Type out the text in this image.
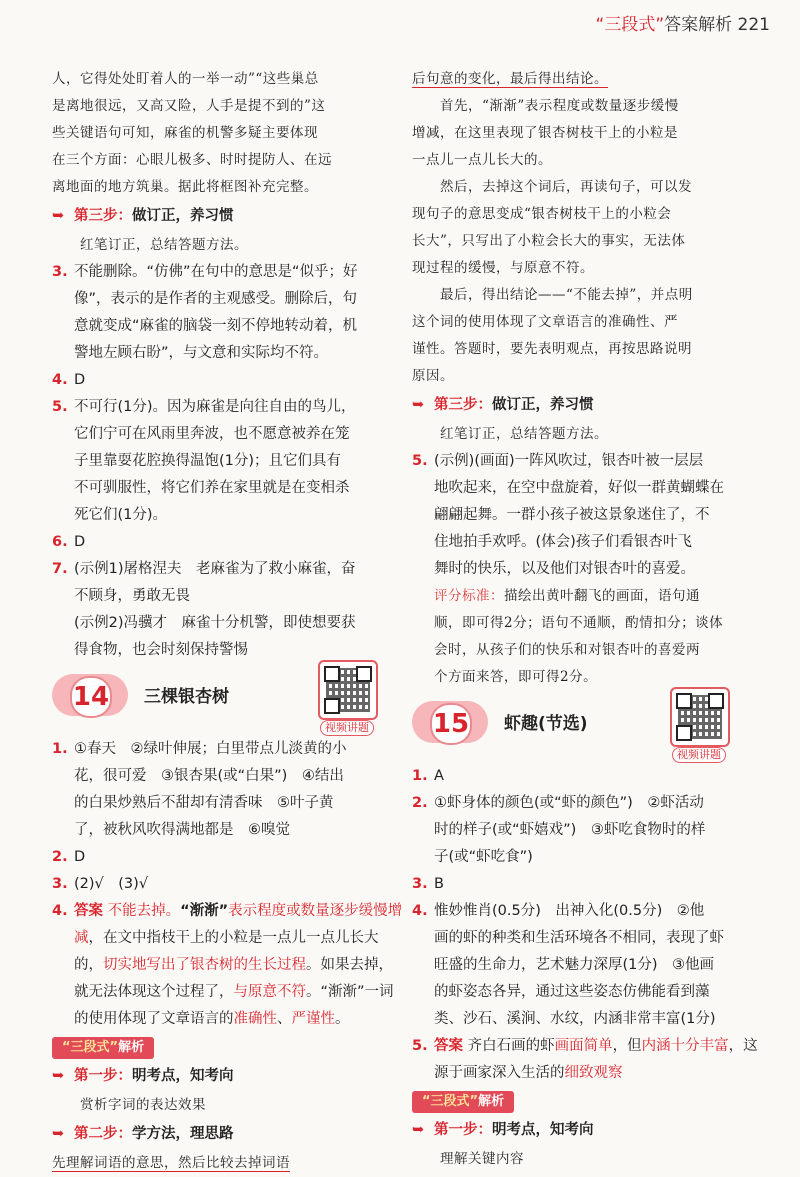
“三段式”答案解析 221
人，它得处处盯着人的一举一动”“这些巢总
是离地很远，又高又险，人手是提不到的”这
些关键语句可知，麻雀的机警多疑主要体现
在三个方面：心眼儿极多、时时提防人、在远
离地面的地方筑巢。据此将框图补充完整。
➥ 第三步：做订正，养习惯
红笔订正，总结答题方法。
3. 不能删除。“仿佛”在句中的意思是“似乎；好
像”，表示的是作者的主观感受。删除后，句
意就变成“麻雀的脑袋一刻不停地转动着，机
警地左顾右盼”，与文意和实际均不符。
4. D
5. 不可行(1分)。因为麻雀是向往自由的鸟儿，
它们宁可在风雨里奔波，也不愿意被养在笼
子里靠耍花腔换得温饱(1分)；且它们具有
不可驯服性，将它们养在家里就是在变相杀
死它们(1分)。
6. D
7. (示例1)屠格涅夫　老麻雀为了救小麻雀，奋
不顾身，勇敢无畏
(示例2)冯骥才　麻雀十分机警，即使想要获
得食物，也会时刻保持警惕
14 三棵银杏树
视频讲题
1. ①春天　②绿叶伸展；白里带点儿淡黄的小
花，很可爱　③银杏果(或“白果”)　④结出
的白果炒熟后不甜却有清香味　⑤叶子黄
了，被秋风吹得满地都是　⑥嗅觉
2. D
3. (2)√　(3)√
4. 答案 不能去掉。“渐渐”表示程度或数量逐步缓慢增减，在文中指枝干上的小粒是一点儿一点儿长大的，切实地写出了银杏树的生长过程。如果去掉，就无法体现这个过程了，与原意不符。“渐渐”一词的使用体现了文章语言的准确性、严谨性。
“三段式”解析
➥ 第一步：明考点，知考向
赏析字词的表达效果
➥ 第二步：学方法，理思路
先理解词语的意思，然后比较去掉词语
后句意的变化，最后得出结论。
首先，“渐渐”表示程度或数量逐步缓慢
增减，在这里表现了银杏树枝干上的小粒是
一点儿一点儿长大的。
然后，去掉这个词后，再读句子，可以发
现句子的意思变成“银杏树枝干上的小粒会
长大”，只写出了小粒会长大的事实，无法体
现过程的缓慢，与原意不符。
最后，得出结论——“不能去掉”，并点明
这个词的使用体现了文章语言的准确性、严
谨性。答题时，要先表明观点，再按思路说明
原因。
➥ 第三步：做订正，养习惯
红笔订正，总结答题方法。
5. (示例)(画面)一阵风吹过，银杏叶被一层层
地吹起来，在空中盘旋着，好似一群黄蝴蝶在
翩翩起舞。一群小孩子被这景象迷住了，不
住地拍手欢呼。(体会)孩子们看银杏叶飞
舞时的快乐，以及他们对银杏叶的喜爱。
评分标准：描绘出黄叶翻飞的画面，语句通
顺，即可得2分；语句不通顺，酌情扣分；谈体
会时，从孩子们的快乐和对银杏叶的喜爱两
个方面来答，即可得2分。
15 虾趣(节选)
视频讲题
1. A
2. ①虾身体的颜色(或“虾的颜色”)　②虾活动
时的样子(或“虾嬉戏”)　③虾吃食物时的样
子(或“虾吃食”)
3. B
4. 惟妙惟肖(0.5分)　出神入化(0.5分)　②他
画的虾的种类和生活环境各不相同，表现了虾
旺盛的生命力，艺术魅力深厚(1分)　③他画
的虾姿态各异，通过这些姿态仿佛能看到藻
类、沙石、溪涧、水纹，内涵非常丰富(1分)
5. 答案 齐白石画的虾画面简单，但内涵十分丰富，这源于画家深入生活的细致观察
“三段式”解析
➥ 第一步：明考点，知考向
理解关键内容
